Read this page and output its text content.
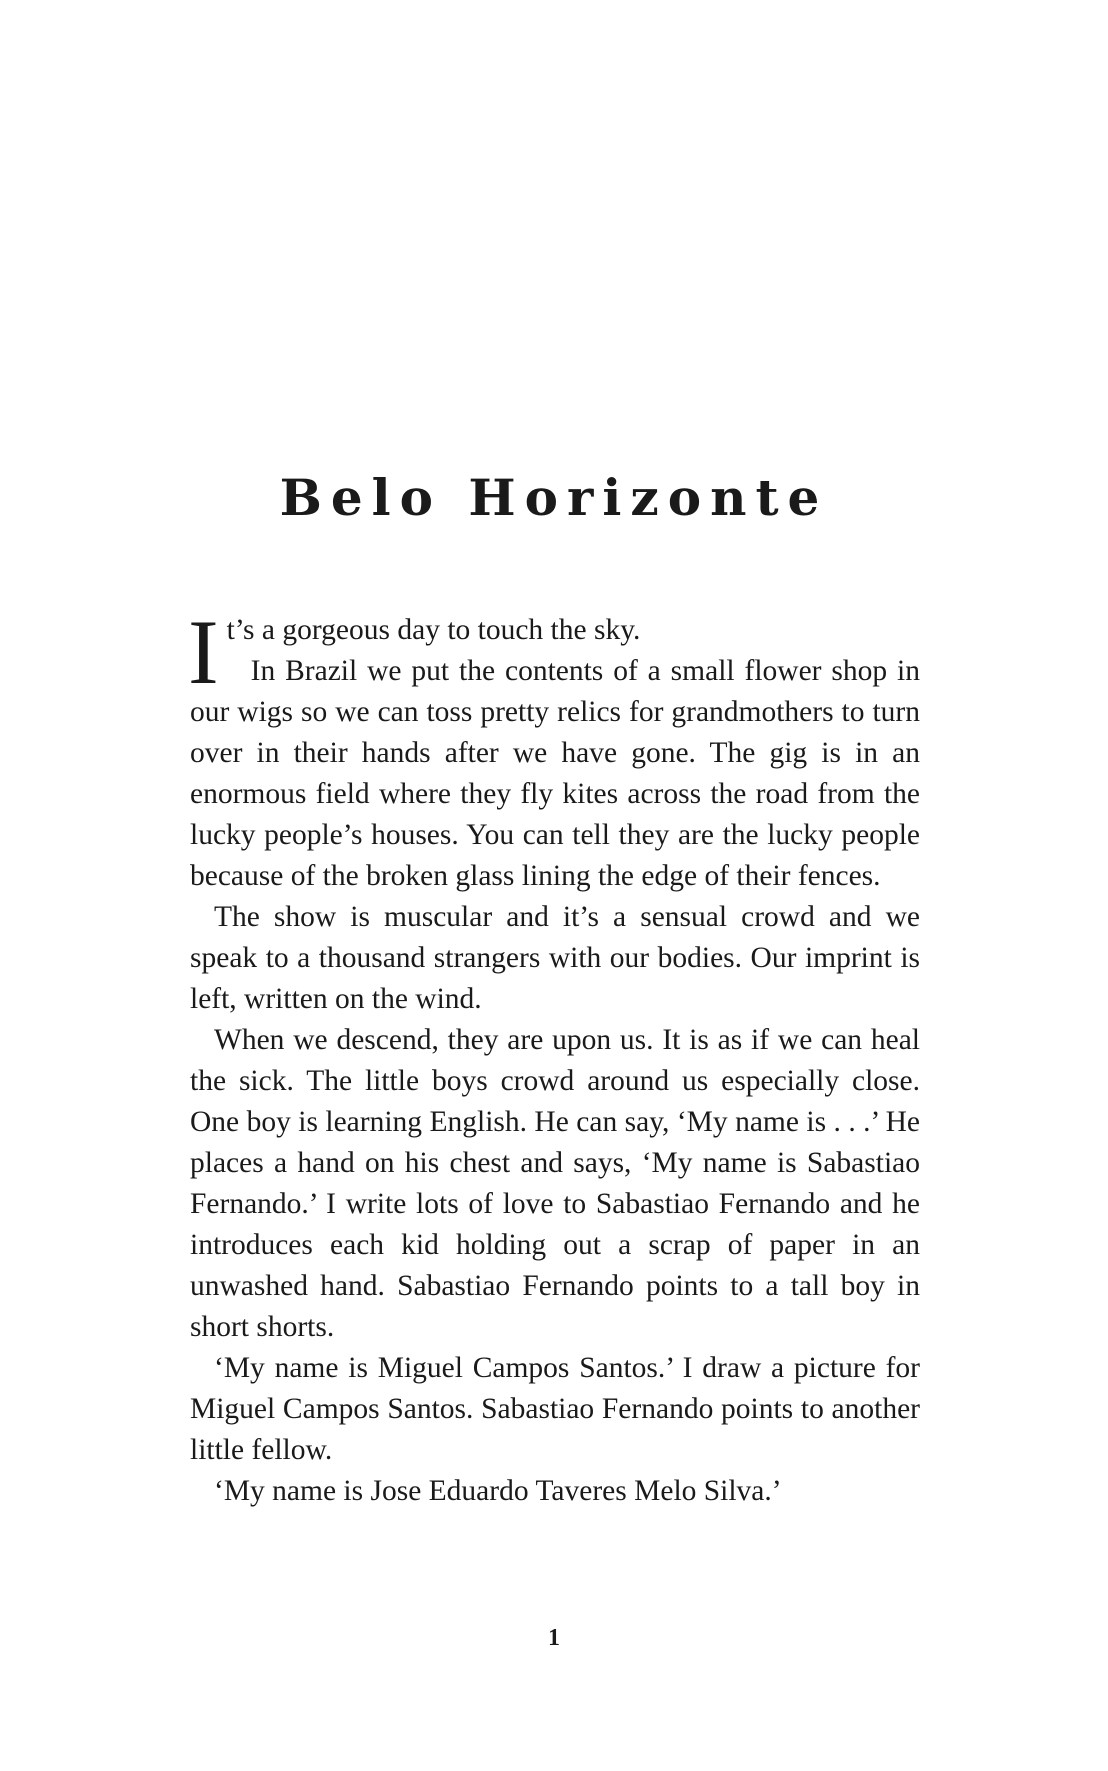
Belo Horizonte

It’s a gorgeous day to touch the sky.

In Brazil we put the contents of a small flower shop in our wigs so we can toss pretty relics for grandmothers to turn over in their hands after we have gone. The gig is in an enormous field where they fly kites across the road from the lucky people’s houses. You can tell they are the lucky people because of the broken glass lining the edge of their fences.

The show is muscular and it’s a sensual crowd and we speak to a thousand strangers with our bodies. Our imprint is left, written on the wind.

When we descend, they are upon us. It is as if we can heal the sick. The little boys crowd around us especially close. One boy is learning English. He can say, ‘My name is . . .’ He places a hand on his chest and says, ‘My name is Sabastiao Fernando.’ I write lots of love to Sabastiao Fernando and he introduces each kid holding out a scrap of paper in an unwashed hand. Sabastiao Fernando points to a tall boy in short shorts.

‘My name is Miguel Campos Santos.’ I draw a picture for Miguel Campos Santos. Sabastiao Fernando points to another little fellow.

‘My name is Jose Eduardo Taveres Melo Silva.’

1
